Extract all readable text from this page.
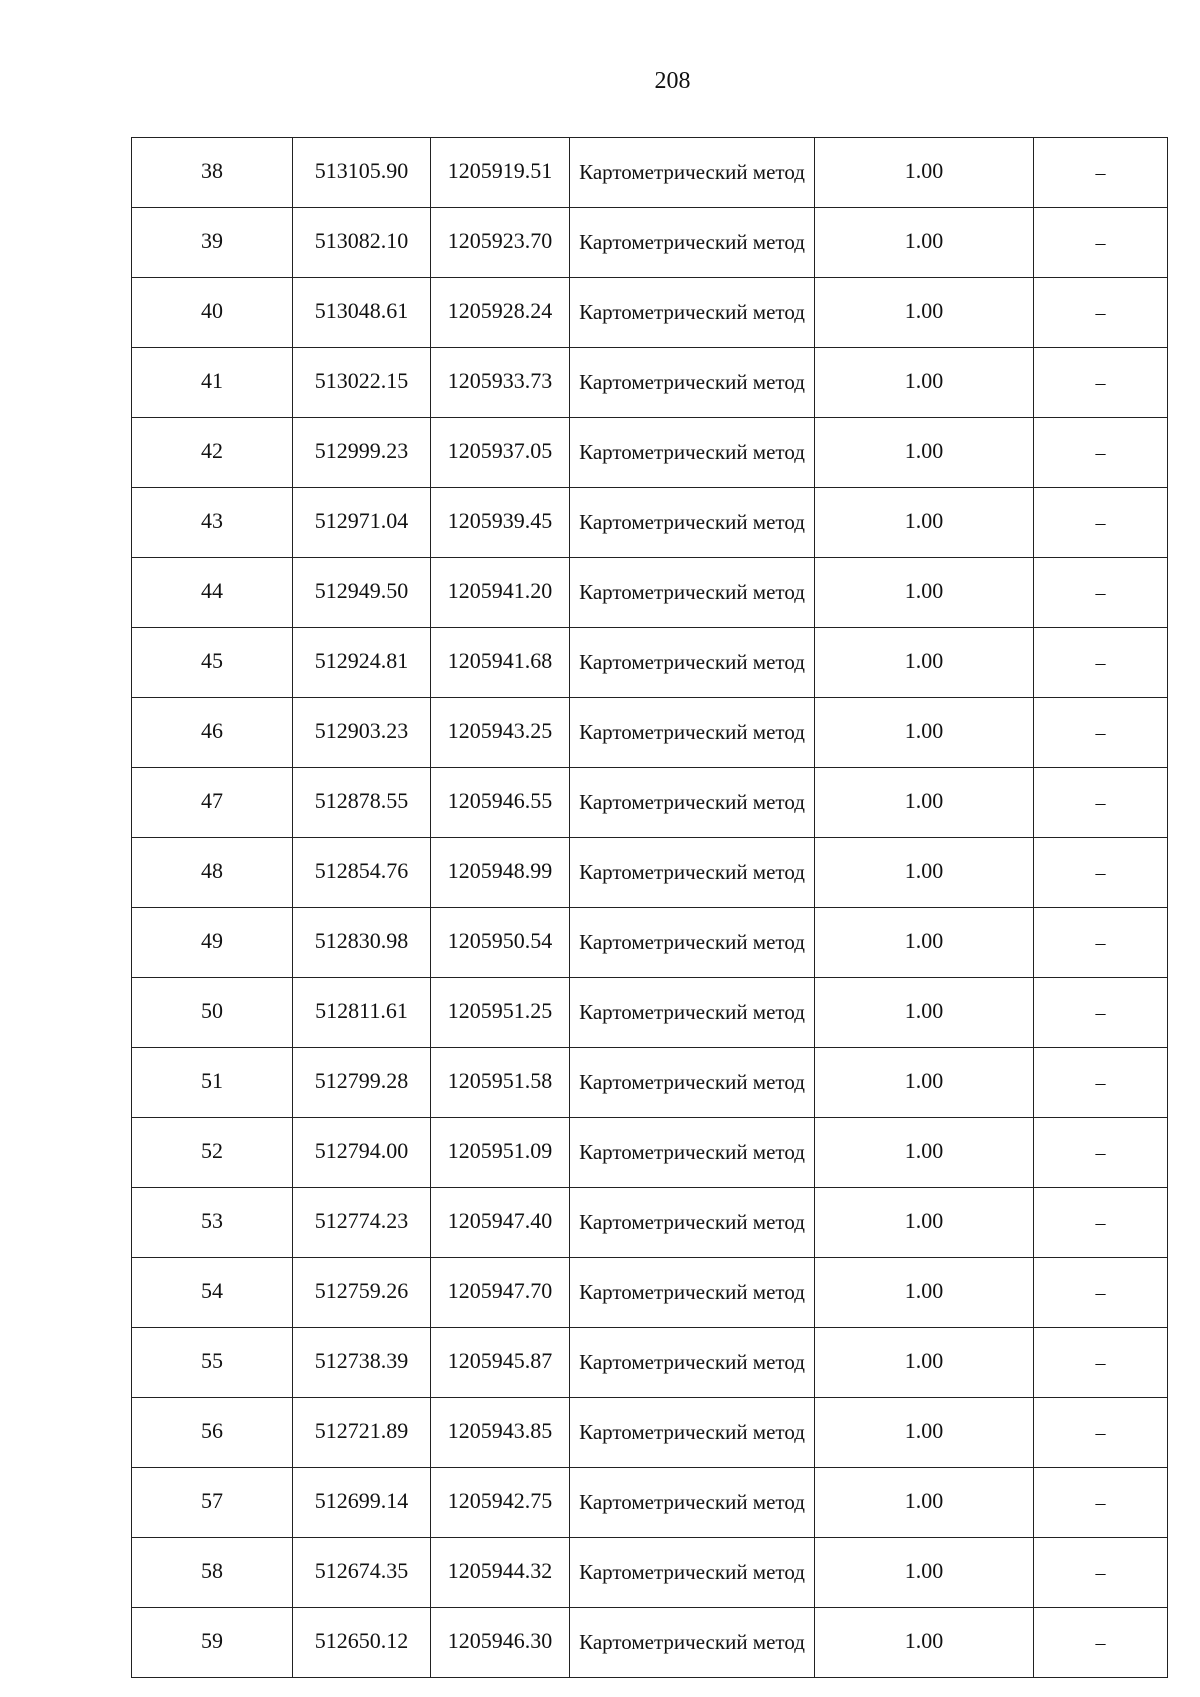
208
38	513105.90	1205919.51	Картометрический метод	1.00	–
39	513082.10	1205923.70	Картометрический метод	1.00	–
40	513048.61	1205928.24	Картометрический метод	1.00	–
41	513022.15	1205933.73	Картометрический метод	1.00	–
42	512999.23	1205937.05	Картометрический метод	1.00	–
43	512971.04	1205939.45	Картометрический метод	1.00	–
44	512949.50	1205941.20	Картометрический метод	1.00	–
45	512924.81	1205941.68	Картометрический метод	1.00	–
46	512903.23	1205943.25	Картометрический метод	1.00	–
47	512878.55	1205946.55	Картометрический метод	1.00	–
48	512854.76	1205948.99	Картометрический метод	1.00	–
49	512830.98	1205950.54	Картометрический метод	1.00	–
50	512811.61	1205951.25	Картометрический метод	1.00	–
51	512799.28	1205951.58	Картометрический метод	1.00	–
52	512794.00	1205951.09	Картометрический метод	1.00	–
53	512774.23	1205947.40	Картометрический метод	1.00	–
54	512759.26	1205947.70	Картометрический метод	1.00	–
55	512738.39	1205945.87	Картометрический метод	1.00	–
56	512721.89	1205943.85	Картометрический метод	1.00	–
57	512699.14	1205942.75	Картометрический метод	1.00	–
58	512674.35	1205944.32	Картометрический метод	1.00	–
59	512650.12	1205946.30	Картометрический метод	1.00	–
